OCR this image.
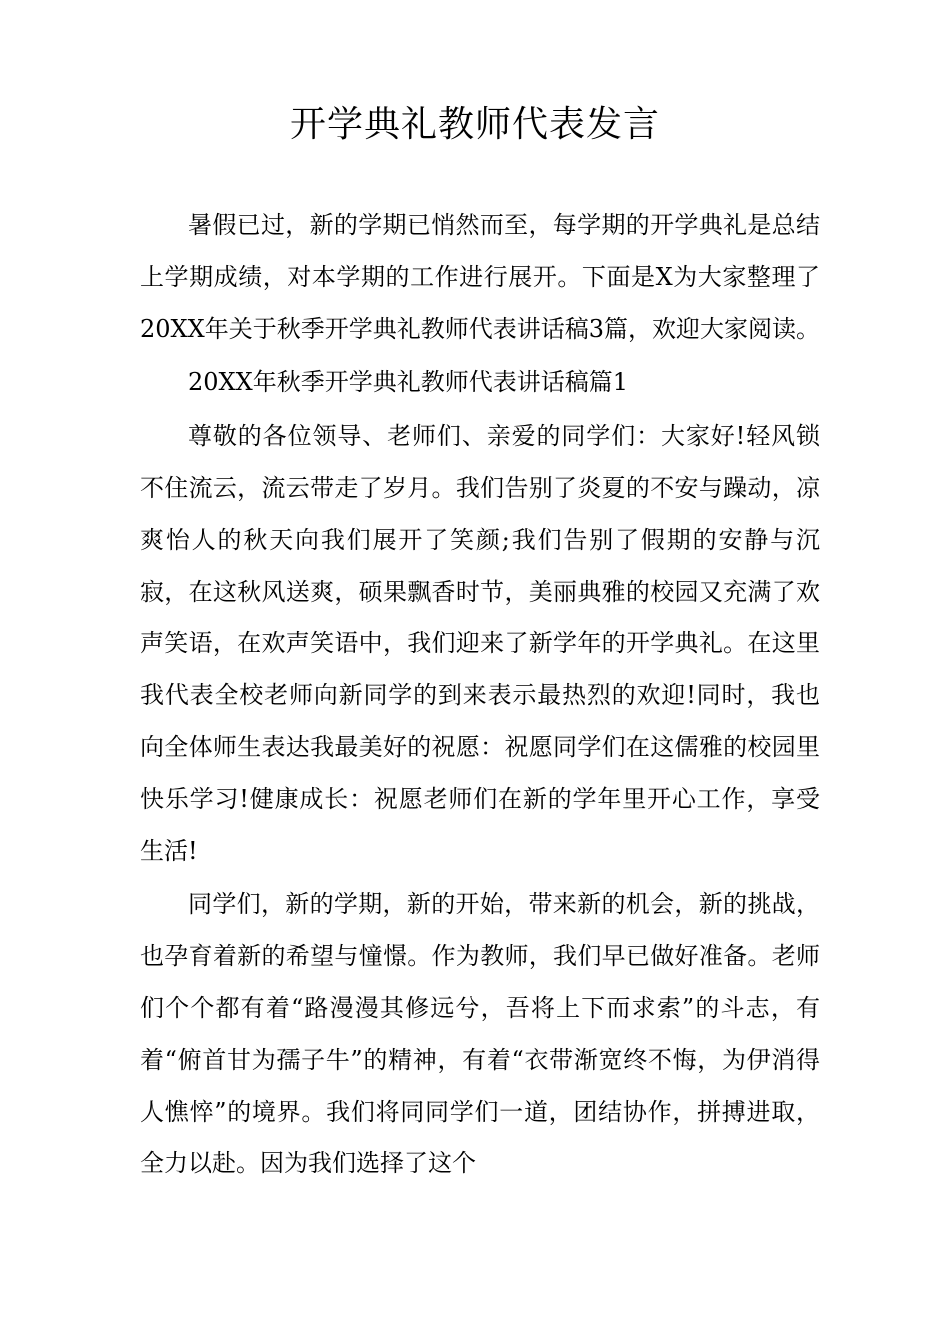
开学典礼教师代表发言

暑假已过，新的学期已悄然而至，每学期的开学典礼是总结上学期成绩，对本学期的工作进行展开。下面是X为大家整理了20XX年关于秋季开学典礼教师代表讲话稿3篇，欢迎大家阅读。

20XX年秋季开学典礼教师代表讲话稿篇1

尊敬的各位领导、老师们、亲爱的同学们：大家好!轻风锁不住流云，流云带走了岁月。我们告别了炎夏的不安与躁动，凉爽怡人的秋天向我们展开了笑颜;我们告别了假期的安静与沉寂，在这秋风送爽，硕果飘香时节，美丽典雅的校园又充满了欢声笑语，在欢声笑语中，我们迎来了新学年的开学典礼。在这里我代表全校老师向新同学的到来表示最热烈的欢迎!同时，我也向全体师生表达我最美好的祝愿：祝愿同学们在这儒雅的校园里快乐学习!健康成长：祝愿老师们在新的学年里开心工作，享受生活!

同学们，新的学期，新的开始，带来新的机会，新的挑战，也孕育着新的希望与憧憬。作为教师，我们早已做好准备。老师们个个都有着“路漫漫其修远兮，吾将上下而求索”的斗志，有着“俯首甘为孺子牛”的精神，有着“衣带渐宽终不悔，为伊消得人憔悴”的境界。我们将同同学们一道，团结协作，拼搏进取，全力以赴。因为我们选择了这个
